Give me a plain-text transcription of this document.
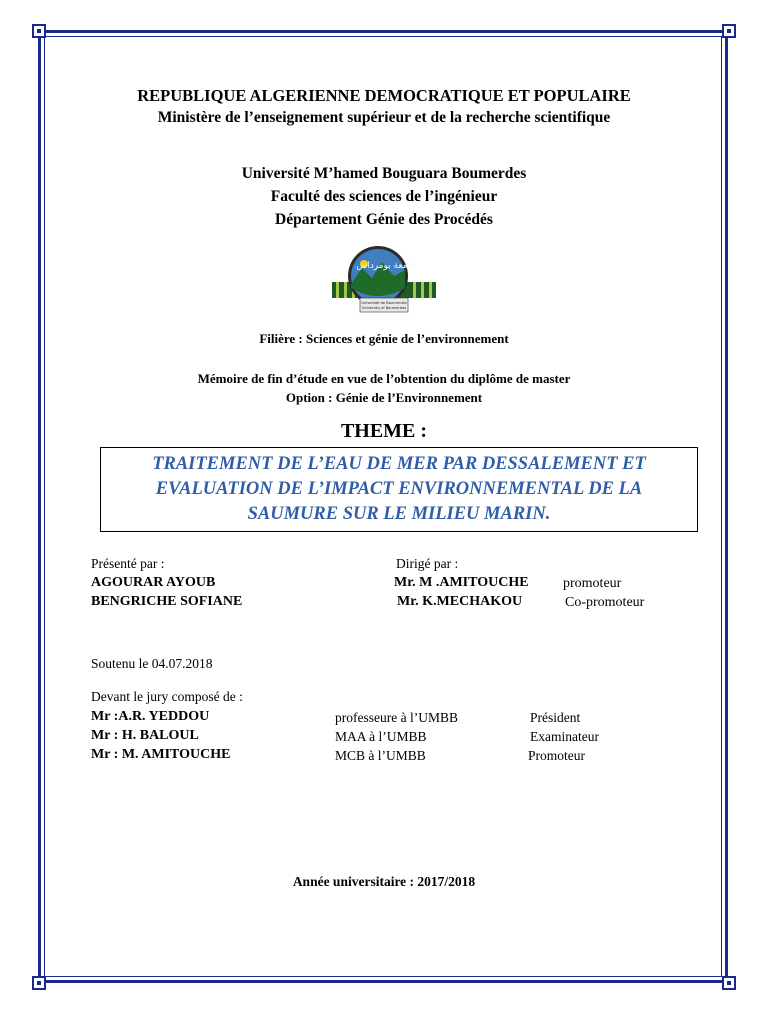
REPUBLIQUE ALGERIENNE DEMOCRATIQUE ET POPULAIRE
Ministère de l’enseignement supérieur et de la recherche scientifique
Université M’hamed Bouguara Boumerdes
Faculté des sciences de l’ingénieur
Département Génie des Procédés
جامعة بومرداس
Université de Boumerdes
University of Boumerdes
Filière : Sciences et génie de l’environnement
Mémoire de fin d’étude en vue de l’obtention du diplôme de master
Option : Génie de l’Environnement
THEME :
TRAITEMENT DE L’EAU DE MER PAR DESSALEMENT ET
EVALUATION DE L’IMPACT ENVIRONNEMENTAL DE LA
SAUMURE SUR LE MILIEU MARIN.
Présenté par :
AGOURAR AYOUB
BENGRICHE SOFIANE
Dirigé par :
Mr. M .AMITOUCHE promoteur
Mr. K.MECHAKOU	Co-promoteur
Soutenu le 04.07.2018
Devant le jury composé de :
Mr :A.R. YEDDOU	professeure à l’UMBB	Président
Mr : H. BALOUL	MAA à l’UMBB	Examinateur
Mr : M. AMITOUCHE	MCB à l’UMBB	Promoteur
Année universitaire : 2017/2018
